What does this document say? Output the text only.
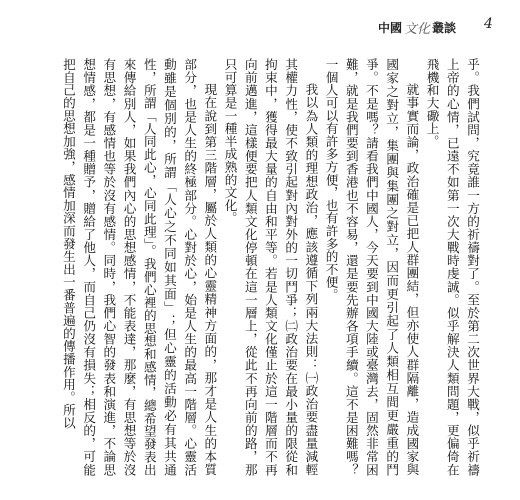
中國 文化 叢談 4

乎。我們試問，究竟誰一方的祈禱對了。至於第二次世界大戰，似乎祈禱上帝的心情，已遠不如第一次大戰時虔誠。似乎解決人類問題，更偏倚在飛機和大礮上。

就事實而論，政治確是已把人群團結，但亦使人群隔離，造成國家與國家之對立，集團與集團之對立，因而更引起了人類相互間更嚴重的鬥爭。不是嗎？請看我們中國人，今天要到中國大陸或臺灣去，固然非常困難，就是我們要到香港也不容易，還是要先辦各項手續。這不是困難嗎？一個人可以有許多方便，也有許多的不便。

我以為人類的理想政治，應該遵循下列兩大法則：㈠政治要盡量減輕其權力性，使不致引起對內對外的一切鬥爭；㈡政治要在最小量的限從和拘束中，獲得最大量的自由和平等。若是人類文化僅止於這一階層而不再向前邁進，這樣便要把人類文化停頓在這一層上，從此不再向前的路，那只可算是一種半成熟的文化。

現在說到第三階層，屬於人類的心靈精神方面的，那才是人生的本質部分，也是人生的終極部分。心對於心，始是人生的最高一階層。心靈活動雖是個別的，所謂「人心之不同如其面」；但心靈的活動必有其共通性，所謂「人同此心，心同此理」。我們心裡的思想和感情，總希望發表出來傳給別人，如果我們內心的思想感情，不能表達，那麼，有思想等於沒有思想，有感情也等於沒有感情。同時，我們心智的發表和演進，不論思想情感，都是一種贈予，贈給了他人，而自己仍沒有損失；相反的，可能把自己的思想加強，感情加深而發生出一番普遍的傳播作用。所以
